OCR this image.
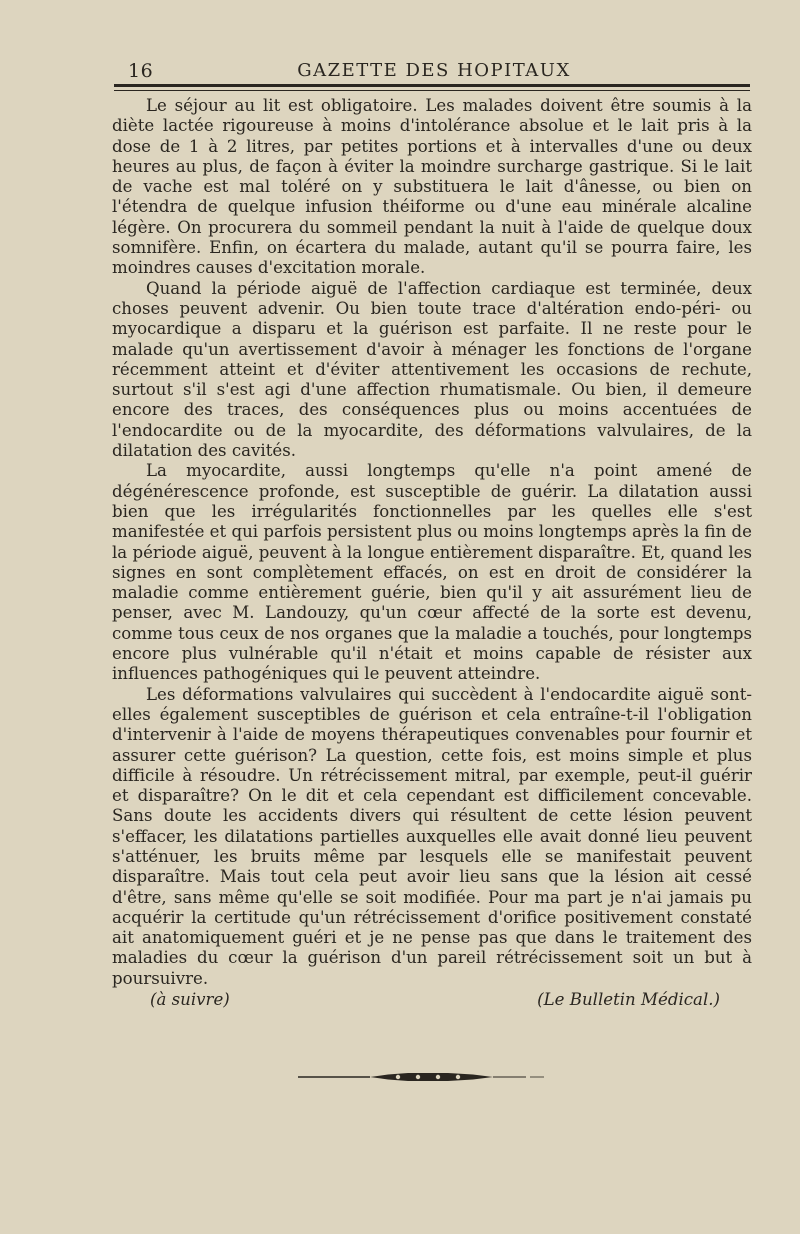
16	GAZETTE DES HOPITAUX

Le séjour au lit est obligatoire. Les malades doivent être soumis à la diète lactée rigoureuse à moins d'intolérance absolue et le lait pris à la dose de 1 à 2 litres, par petites portions et à intervalles d'une ou deux heures au plus, de façon à éviter la moindre surcharge gastrique. Si le lait de vache est mal toléré on y substituera le lait d'ânesse, ou bien on l'étendra de quelque infusion théiforme ou d'une eau minérale alcaline légère. On procurera du sommeil pendant la nuit à l'aide de quelque doux somnifère. Enfin, on écartera du malade, autant qu'il se pourra faire, les moindres causes d'excitation morale.

Quand la période aiguë de l'affection cardiaque est terminée, deux choses peuvent advenir. Ou bien toute trace d'altération endo-péri- ou myocardique a disparu et la guérison est parfaite. Il ne reste pour le malade qu'un avertissement d'avoir à ménager les fonctions de l'organe récemment atteint et d'éviter attentivement les occasions de rechute, surtout s'il s'est agi d'une affection rhumatismale. Ou bien, il demeure encore des traces, des conséquences plus ou moins accentuées de l'endocardite ou de la myocardite, des déformations valvulaires, de la dilatation des cavités.

La myocardite, aussi longtemps qu'elle n'a point amené de dégénérescence profonde, est susceptible de guérir. La dilatation aussi bien que les irrégularités fonctionnelles par les quelles elle s'est manifestée et qui parfois persistent plus ou moins longtemps après la fin de la période aiguë, peuvent à la longue entièrement disparaître. Et, quand les signes en sont complètement effacés, on est en droit de considérer la maladie comme entièrement guérie, bien qu'il y ait assurément lieu de penser, avec M. Landouzy, qu'un cœur affecté de la sorte est devenu, comme tous ceux de nos organes que la maladie a touchés, pour longtemps encore plus vulnérable qu'il n'était et moins capable de résister aux influences pathogéniques qui le peuvent atteindre.

Les déformations valvulaires qui succèdent à l'endocardite aiguë sont-elles également susceptibles de guérison et cela entraîne-t-il l'obligation d'intervenir à l'aide de moyens thérapeutiques convenables pour fournir et assurer cette guérison? La question, cette fois, est moins simple et plus difficile à résoudre. Un rétrécissement mitral, par exemple, peut-il guérir et disparaître? On le dit et cela cependant est difficilement concevable. Sans doute les accidents divers qui résultent de cette lésion peuvent s'effacer, les dilatations partielles auxquelles elle avait donné lieu peuvent s'atténuer, les bruits même par lesquels elle se manifestait peuvent disparaître. Mais tout cela peut avoir lieu sans que la lésion ait cessé d'être, sans même qu'elle se soit modifiée. Pour ma part je n'ai jamais pu acquérir la certitude qu'un rétrécissement d'orifice positivement constaté ait anatomiquement guéri et je ne pense pas que dans le traitement des maladies du cœur la guérison d'un pareil rétrécissement soit un but à poursuivre.

(à suivre)	(Le Bulletin Médical.)
